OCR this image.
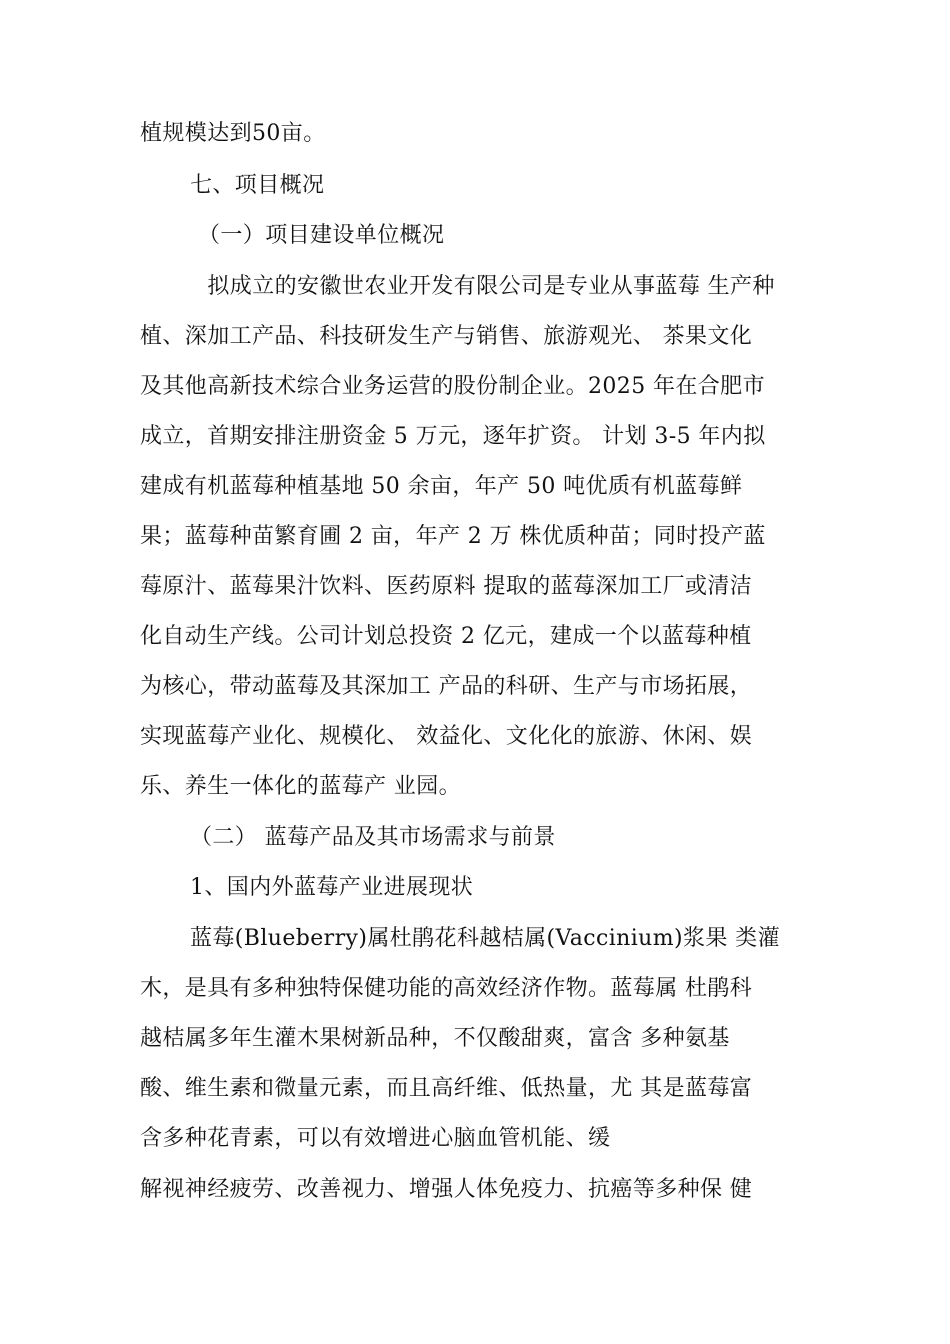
植规模达到50亩。
七、项目概况
（一）项目建设单位概况
拟成立的安徽世农业开发有限公司是专业从事蓝莓 生产种
植、深加工产品、科技研发生产与销售、旅游观光、 茶果文化
及其他高新技术综合业务运营的股份制企业。2025 年在合肥市
成立，首期安排注册资金 5 万元，逐年扩资。 计划 3-5 年内拟
建成有机蓝莓种植基地 50 余亩，年产 50 吨优质有机蓝莓鲜
果；蓝莓种苗繁育圃 2 亩，年产 2 万 株优质种苗；同时投产蓝
莓原汁、蓝莓果汁饮料、医药原料 提取的蓝莓深加工厂或清洁
化自动生产线。公司计划总投资 2 亿元，建成一个以蓝莓种植
为核心，带动蓝莓及其深加工 产品的科研、生产与市场拓展，
实现蓝莓产业化、规模化、 效益化、文化化的旅游、休闲、娱
乐、养生一体化的蓝莓产 业园。
（二） 蓝莓产品及其市场需求与前景
1、国内外蓝莓产业进展现状
蓝莓(Blueberry)属杜鹃花科越桔属(Vaccinium)浆果 类灌
木，是具有多种独特保健功能的高效经济作物。蓝莓属 杜鹃科
越桔属多年生灌木果树新品种，不仅酸甜爽，富含 多种氨基
酸、维生素和微量元素，而且高纤维、低热量，尤 其是蓝莓富
含多种花青素，可以有效增进心脑血管机能、缓
解视神经疲劳、改善视力、增强人体免疫力、抗癌等多种保 健
